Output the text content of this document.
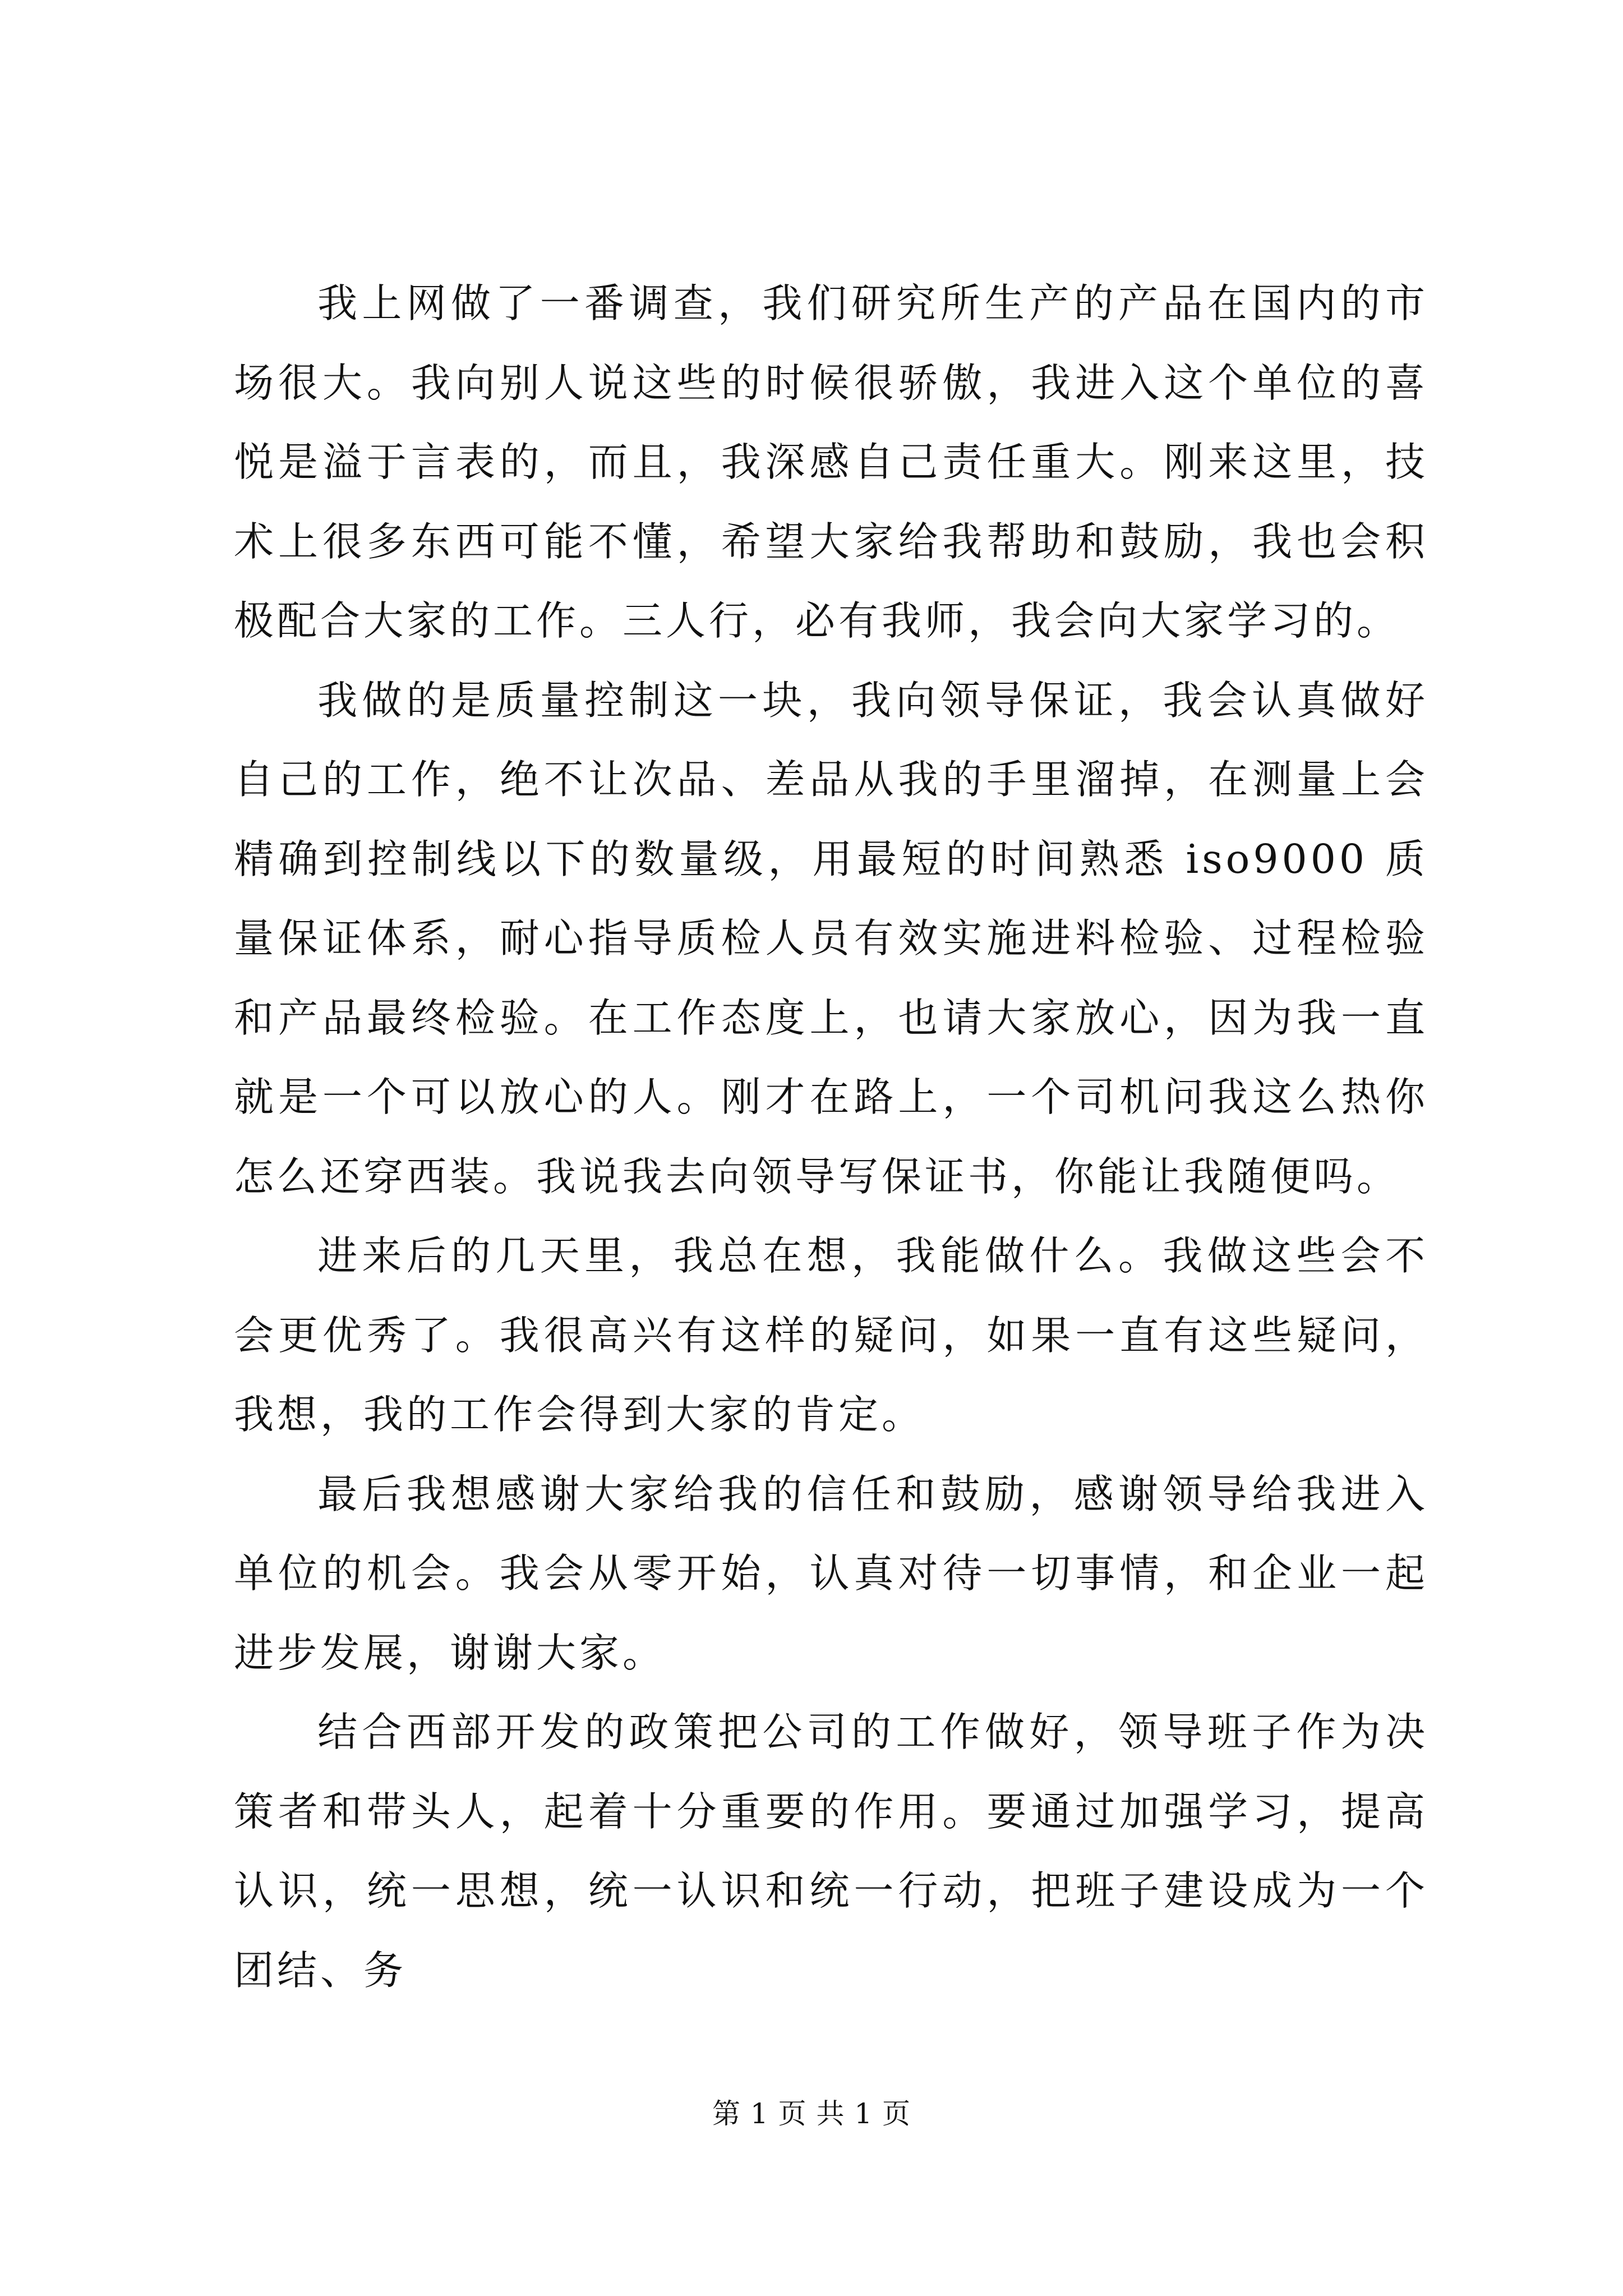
我上网做了一番调查，我们研究所生产的产品在国内的市场很大。我向别人说这些的时候很骄傲，我进入这个单位的喜悦是溢于言表的，而且，我深感自己责任重大。刚来这里，技术上很多东西可能不懂，希望大家给我帮助和鼓励，我也会积极配合大家的工作。三人行，必有我师，我会向大家学习的。

我做的是质量控制这一块，我向领导保证，我会认真做好自己的工作，绝不让次品、差品从我的手里溜掉，在测量上会精确到控制线以下的数量级，用最短的时间熟悉 iso9000 质量保证体系，耐心指导质检人员有效实施进料检验、过程检验和产品最终检验。在工作态度上，也请大家放心，因为我一直就是一个可以放心的人。刚才在路上，一个司机问我这么热你怎么还穿西装。我说我去向领导写保证书，你能让我随便吗。

进来后的几天里，我总在想，我能做什么。我做这些会不会更优秀了。我很高兴有这样的疑问，如果一直有这些疑问，我想，我的工作会得到大家的肯定。

最后我想感谢大家给我的信任和鼓励，感谢领导给我进入单位的机会。我会从零开始，认真对待一切事情，和企业一起进步发展，谢谢大家。

结合西部开发的政策把公司的工作做好，领导班子作为决策者和带头人，起着十分重要的作用。要通过加强学习，提高认识，统一思想，统一认识和统一行动，把班子建设成为一个团结、务

第 1 页 共 1 页
